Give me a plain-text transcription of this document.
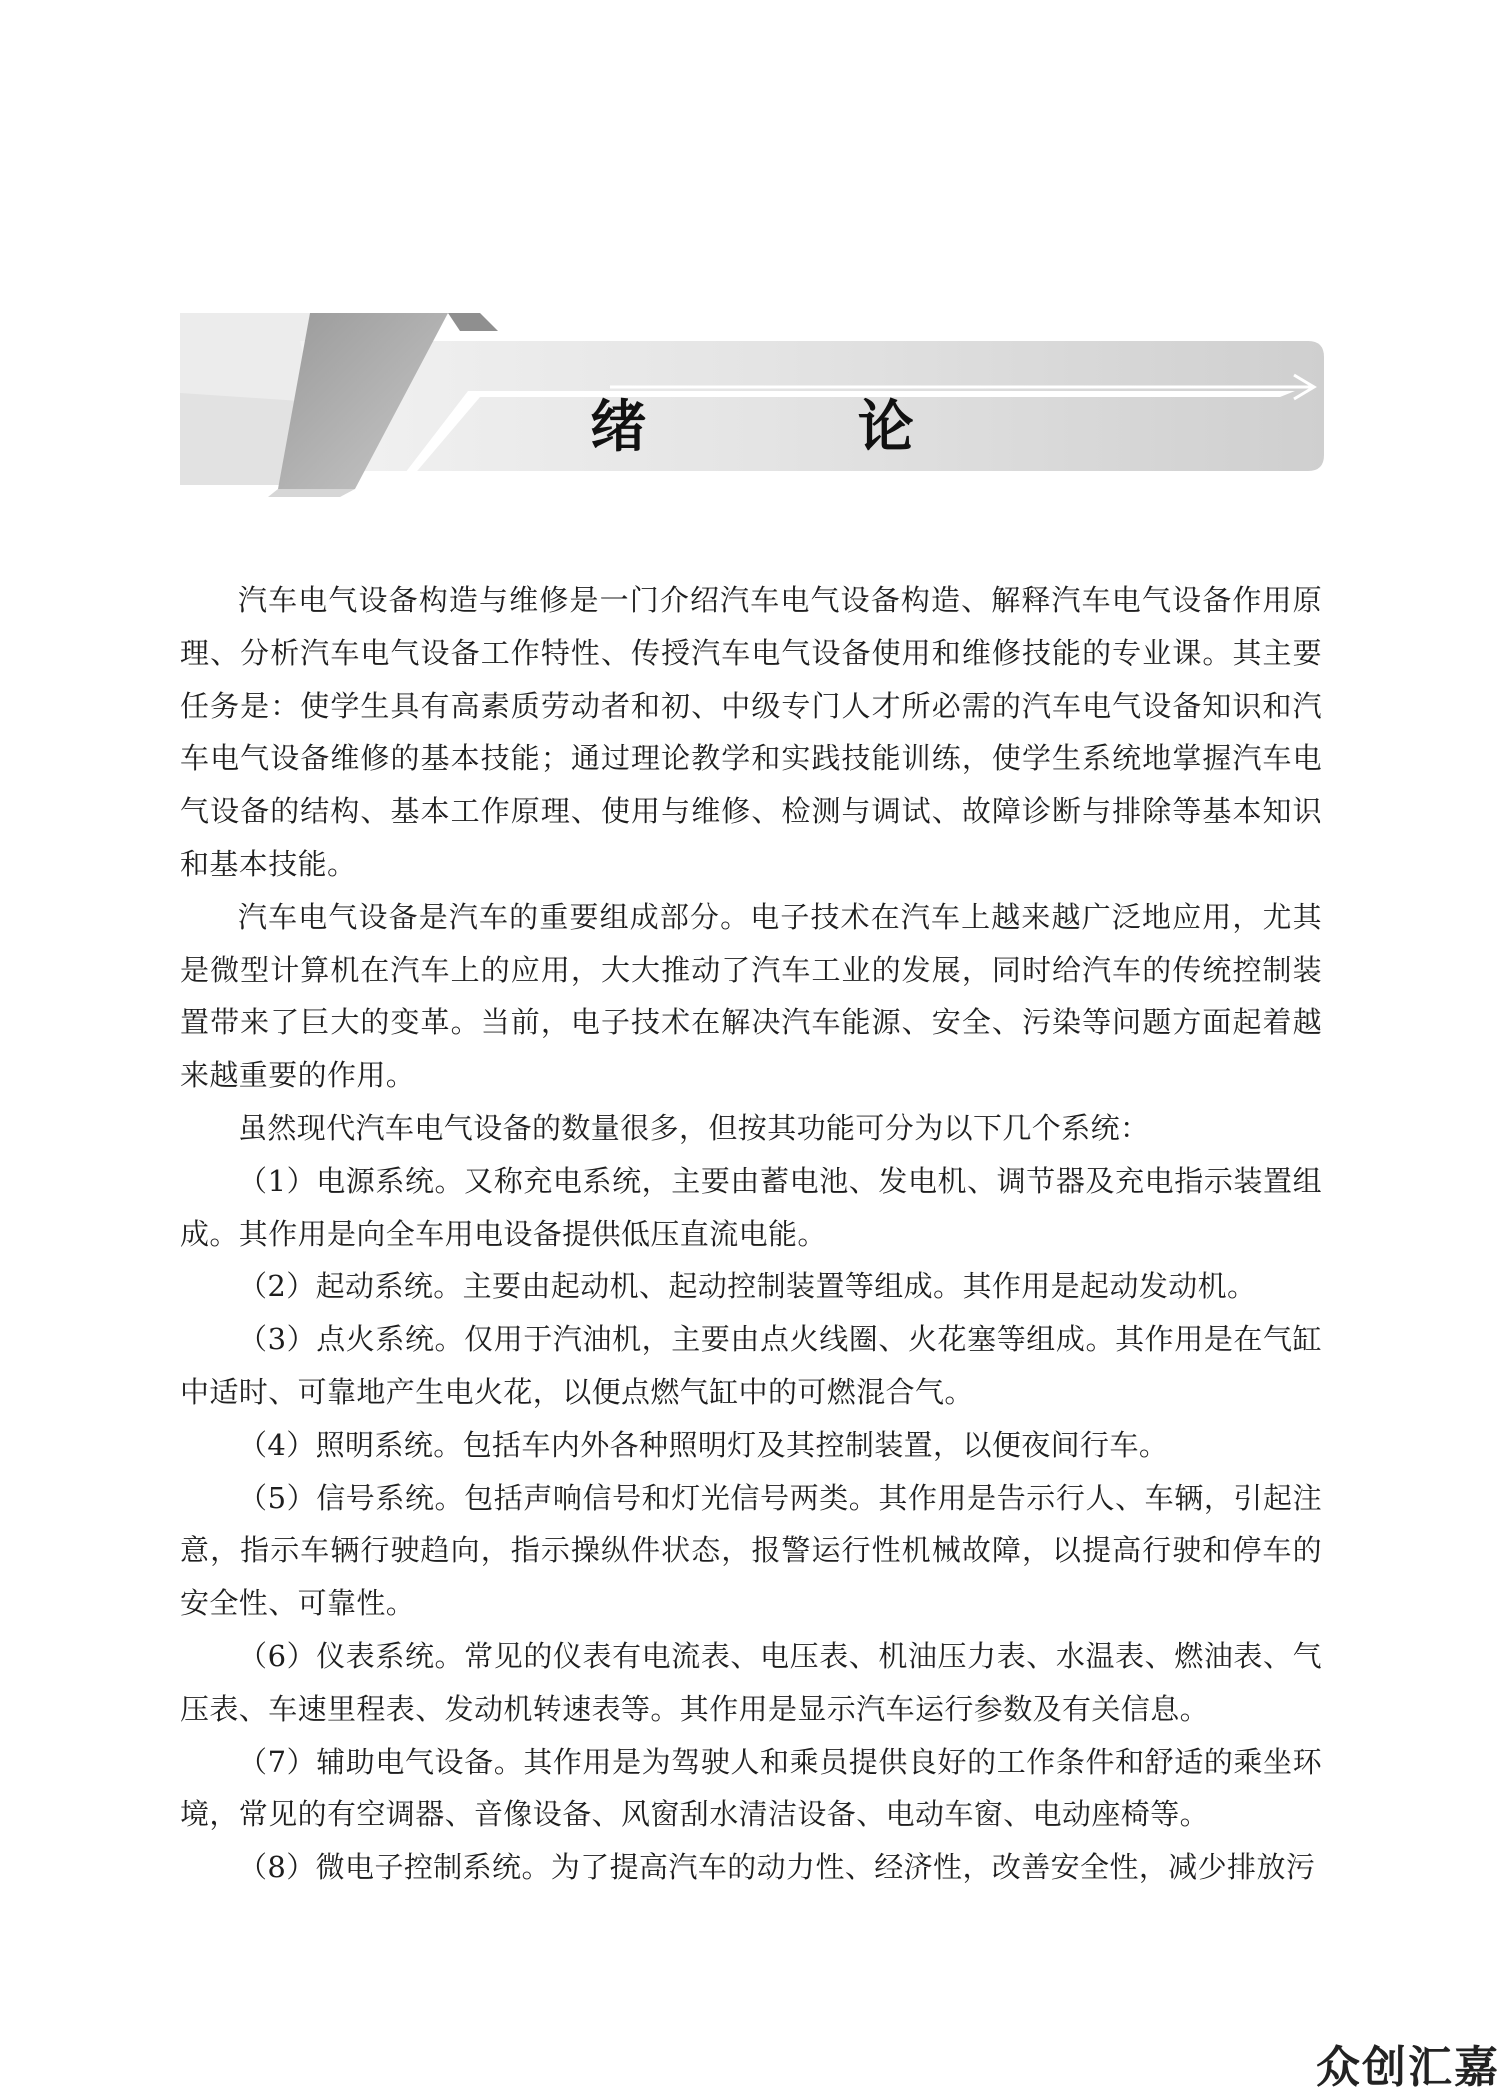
绪 论

汽车电气设备构造与维修是一门介绍汽车电气设备构造、解释汽车电气设备作用原理、分析汽车电气设备工作特性、传授汽车电气设备使用和维修技能的专业课。其主要任务是：使学生具有高素质劳动者和初、中级专门人才所必需的汽车电气设备知识和汽车电气设备维修的基本技能；通过理论教学和实践技能训练，使学生系统地掌握汽车电气设备的结构、基本工作原理、使用与维修、检测与调试、故障诊断与排除等基本知识和基本技能。

汽车电气设备是汽车的重要组成部分。电子技术在汽车上越来越广泛地应用，尤其是微型计算机在汽车上的应用，大大推动了汽车工业的发展，同时给汽车的传统控制装置带来了巨大的变革。当前，电子技术在解决汽车能源、安全、污染等问题方面起着越来越重要的作用。

虽然现代汽车电气设备的数量很多，但按其功能可分为以下几个系统：

（1）电源系统。又称充电系统，主要由蓄电池、发电机、调节器及充电指示装置组成。其作用是向全车用电设备提供低压直流电能。

（2）起动系统。主要由起动机、起动控制装置等组成。其作用是起动发动机。

（3）点火系统。仅用于汽油机，主要由点火线圈、火花塞等组成。其作用是在气缸中适时、可靠地产生电火花，以便点燃气缸中的可燃混合气。

（4）照明系统。包括车内外各种照明灯及其控制装置，以便夜间行车。

（5）信号系统。包括声响信号和灯光信号两类。其作用是告示行人、车辆，引起注意，指示车辆行驶趋向，指示操纵件状态，报警运行性机械故障，以提高行驶和停车的安全性、可靠性。

（6）仪表系统。常见的仪表有电流表、电压表、机油压力表、水温表、燃油表、气压表、车速里程表、发动机转速表等。其作用是显示汽车运行参数及有关信息。

（7）辅助电气设备。其作用是为驾驶人和乘员提供良好的工作条件和舒适的乘坐环境，常见的有空调器、音像设备、风窗刮水清洁设备、电动车窗、电动座椅等。

（8）微电子控制系统。为了提高汽车的动力性、经济性，改善安全性，减少排放污

众创汇嘉
